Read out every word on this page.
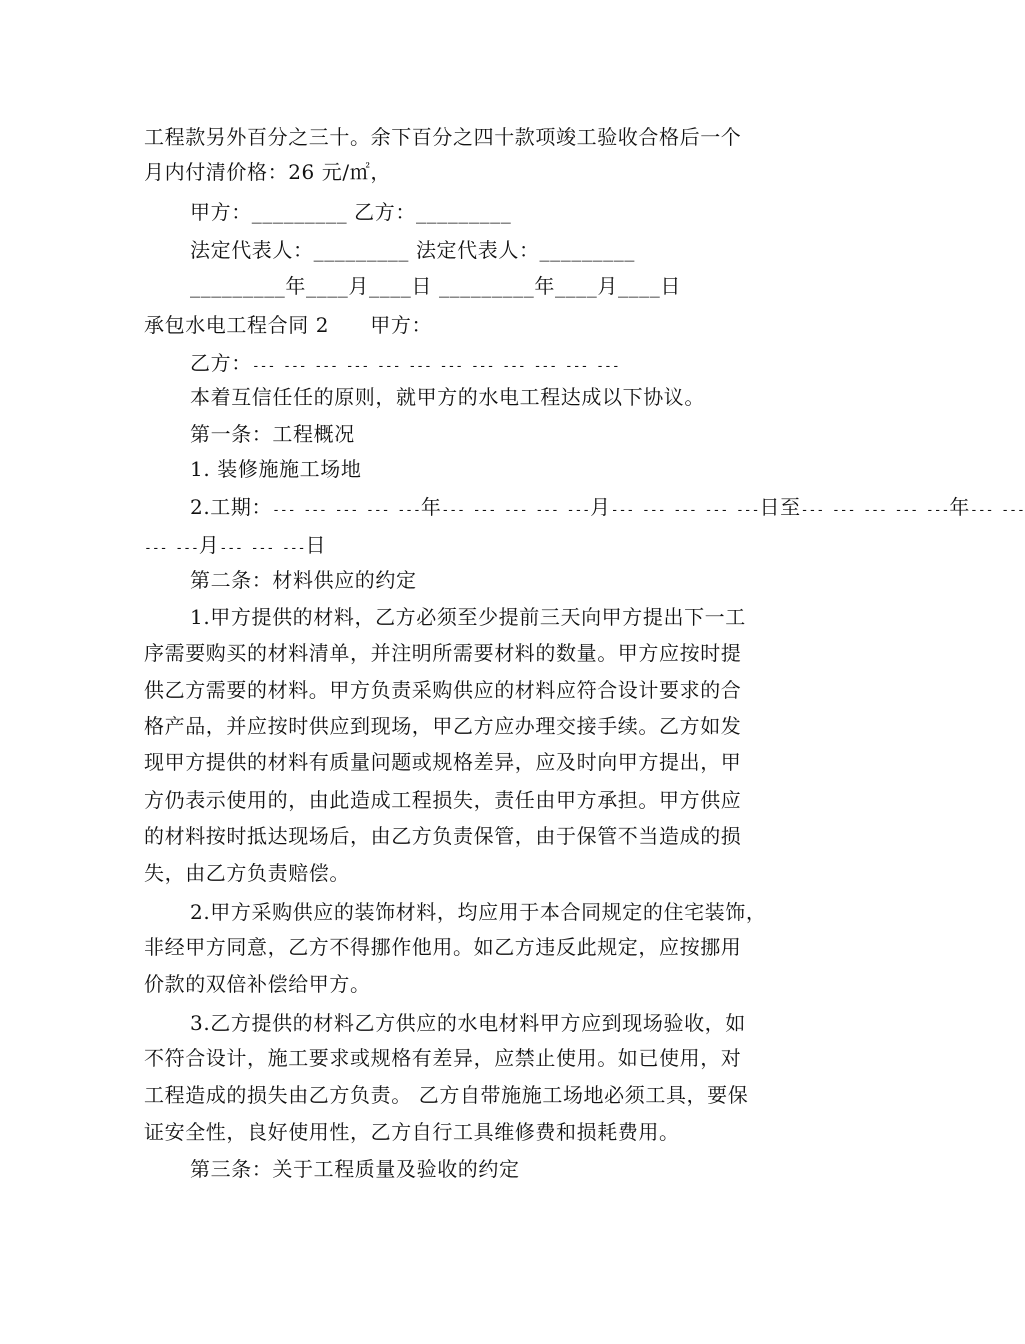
工程款另外百分之三十。余下百分之四十款项竣工验收合格后一个
月内付清价格：26 元/㎡，
甲方：_________ 乙方：_________
法定代表人：_________ 法定代表人：_________
_________年____月____日 _________年____月____日
承包水电工程合同 2　　甲方：
乙方：--- --- --- --- --- --- --- --- --- --- --- ---
本着互信任任的原则，就甲方的水电工程达成以下协议。
第一条：工程概况
1. 装修施施工场地
2.工期：--- --- --- --- ---年--- --- --- --- ---月--- --- --- --- ---日至--- --- --- --- ---年--- ---
--- ---月--- --- ---日
第二条：材料供应的约定
1.甲方提供的材料，乙方必须至少提前三天向甲方提出下一工
序需要购买的材料清单，并注明所需要材料的数量。甲方应按时提
供乙方需要的材料。甲方负责采购供应的材料应符合设计要求的合
格产品，并应按时供应到现场，甲乙方应办理交接手续。乙方如发
现甲方提供的材料有质量问题或规格差异，应及时向甲方提出，甲
方仍表示使用的，由此造成工程损失，责任由甲方承担。甲方供应
的材料按时抵达现场后，由乙方负责保管，由于保管不当造成的损
失，由乙方负责赔偿。
2.甲方采购供应的装饰材料，均应用于本合同规定的住宅装饰，
非经甲方同意，乙方不得挪作他用。如乙方违反此规定，应按挪用
价款的双倍补偿给甲方。
3.乙方提供的材料乙方供应的水电材料甲方应到现场验收，如
不符合设计，施工要求或规格有差异，应禁止使用。如已使用，对
工程造成的损失由乙方负责。 乙方自带施施工场地必须工具，要保
证安全性，良好使用性，乙方自行工具维修费和损耗费用。
第三条：关于工程质量及验收的约定
